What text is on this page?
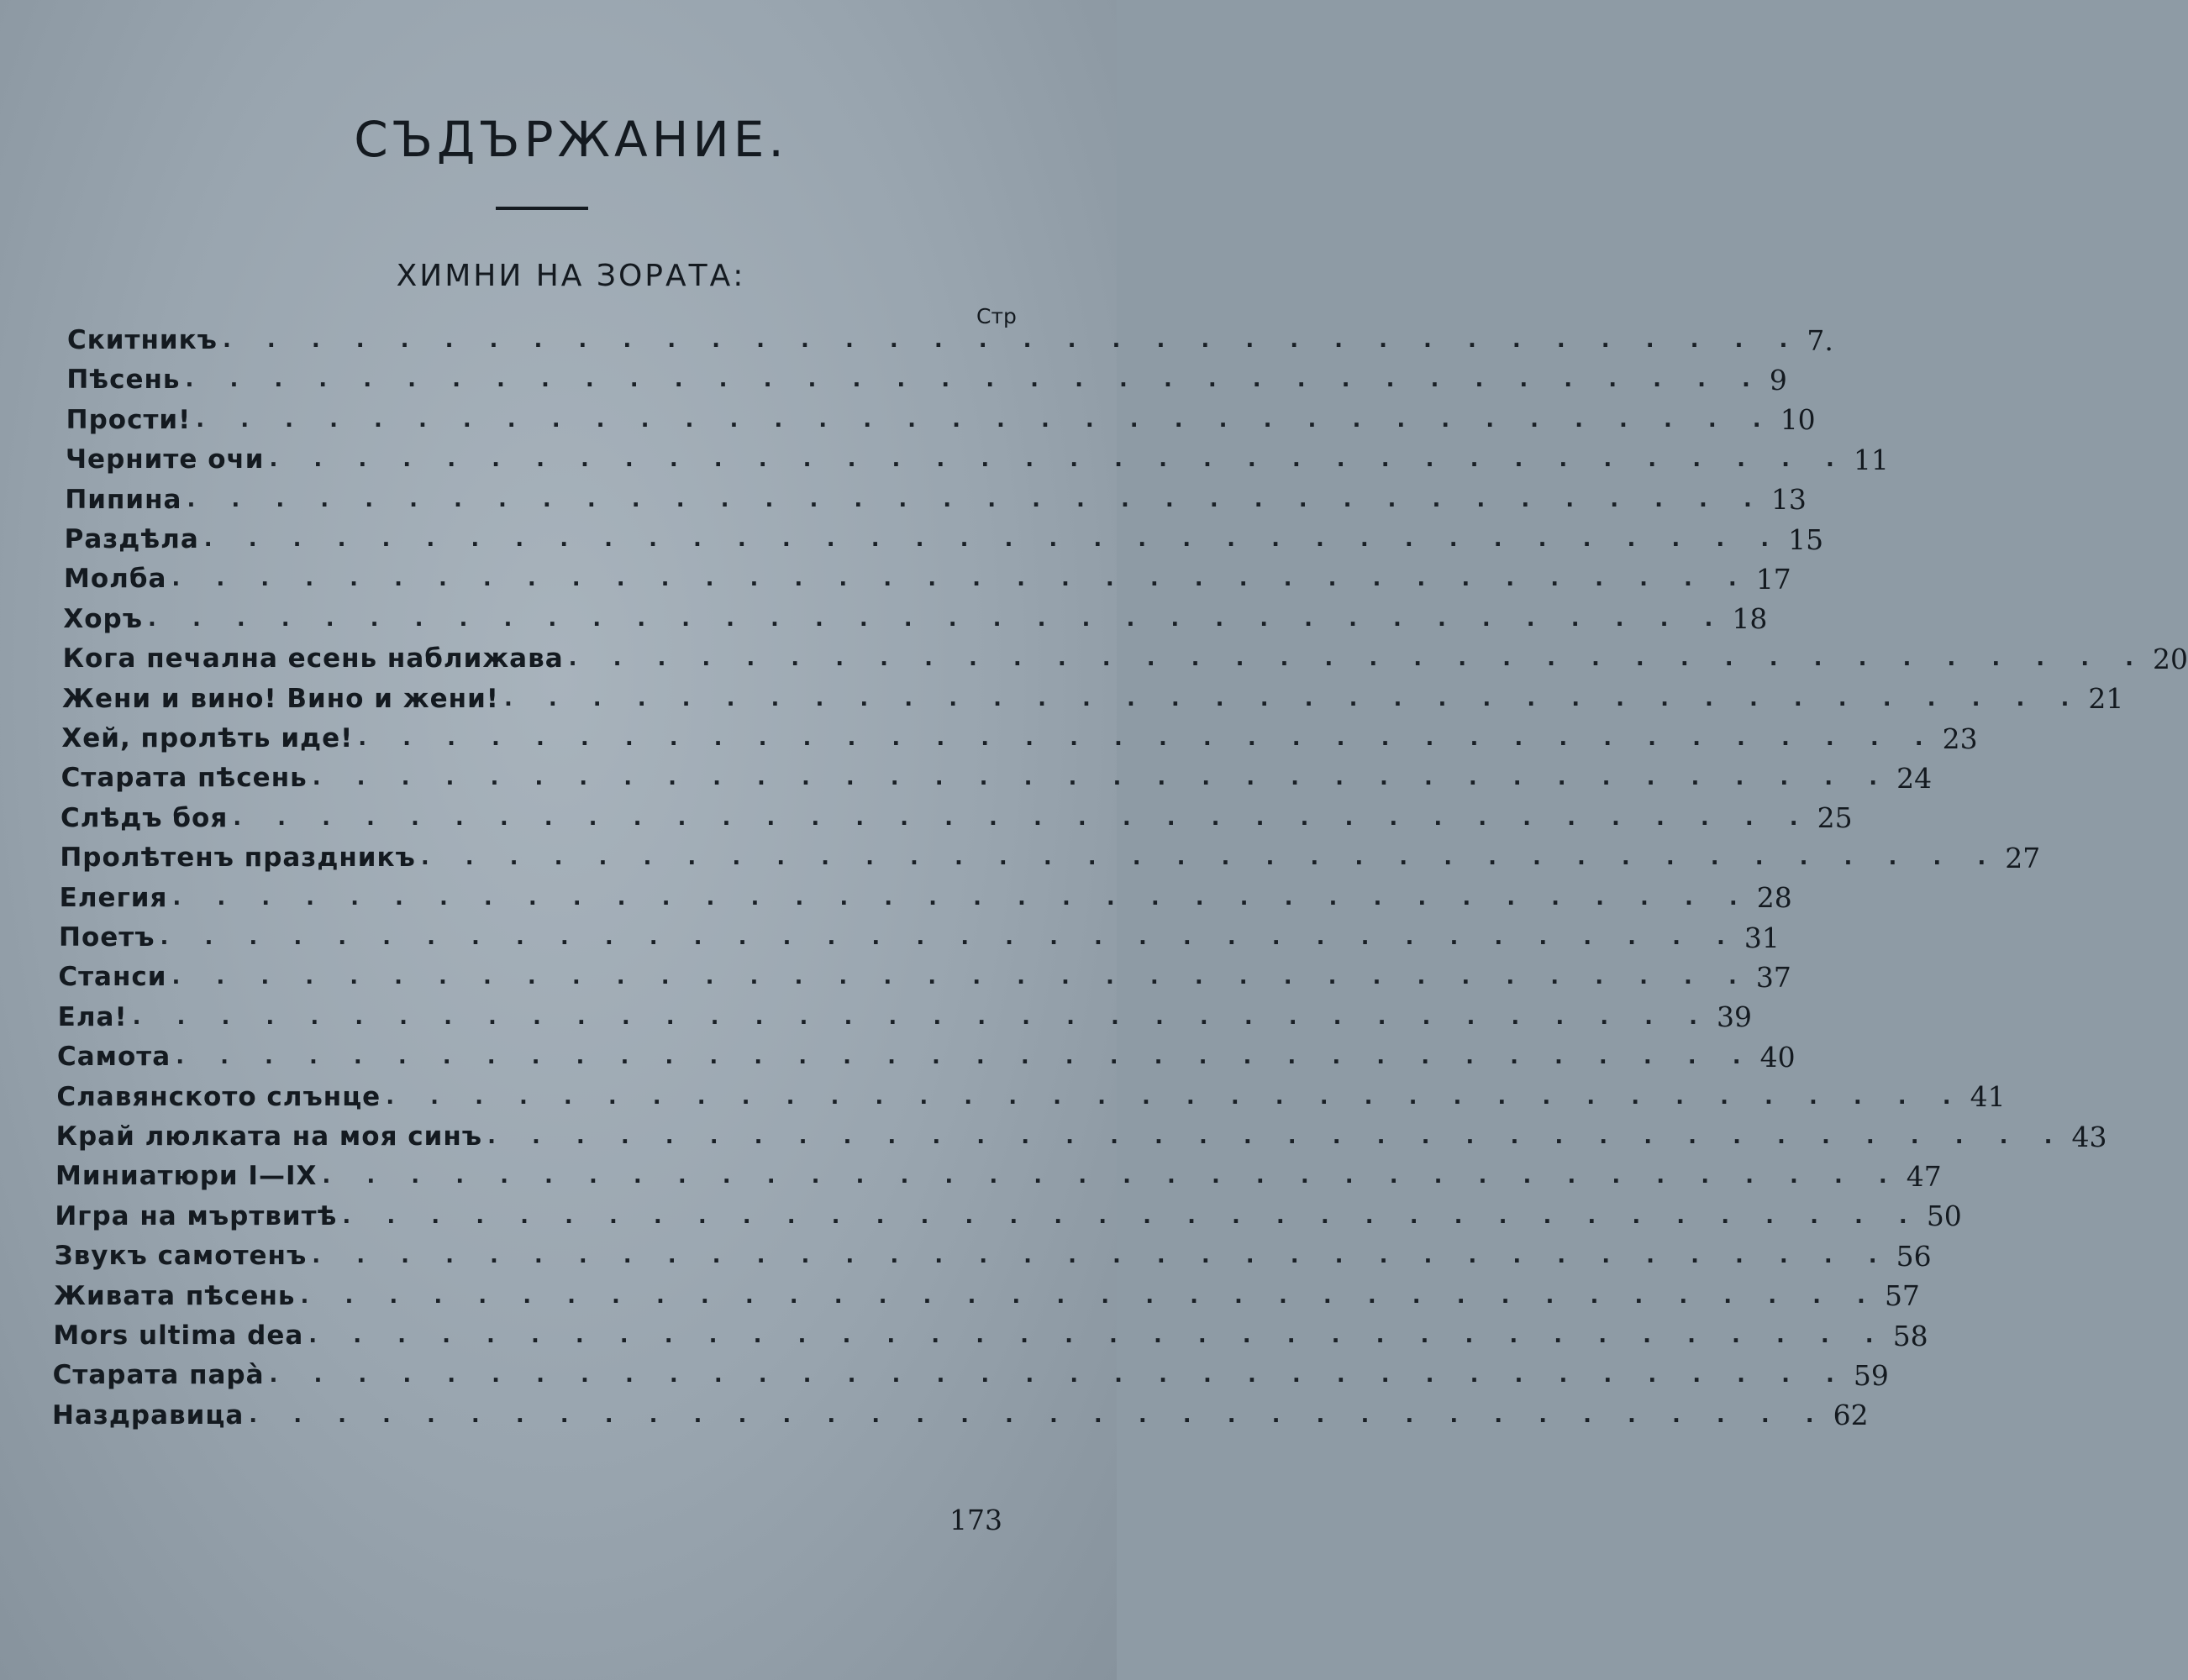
СЪДЪРЖАНИЕ.
ХИМНИ НА ЗОРАТА:
Стр
Скитникъ . . . . . . . . . . . . . . . . . . . . . . . . . . . . . . . . . . . . 7.
Пѣсень . . . . . . . . . . . . . . . . . . . . . . . . . . . . . . . . . . . . 9
Прости! . . . . . . . . . . . . . . . . . . . . . . . . . . . . . . . . . . . . 10
Черните очи . . . . . . . . . . . . . . . . . . . . . . . . . . . . . . . . . . . . 11
Пипина . . . . . . . . . . . . . . . . . . . . . . . . . . . . . . . . . . . . 13
Раздѣла . . . . . . . . . . . . . . . . . . . . . . . . . . . . . . . . . . . . 15
Молба . . . . . . . . . . . . . . . . . . . . . . . . . . . . . . . . . . . . 17
Хоръ . . . . . . . . . . . . . . . . . . . . . . . . . . . . . . . . . . . . 18
Кога печална есень наближава . . . . . . . . . . . . . . . . . . . . . . . . . . . . . . . . . . . . 20
Жени и вино! Вино и жени! . . . . . . . . . . . . . . . . . . . . . . . . . . . . . . . . . . . . 21
Хей, пролѣть иде! . . . . . . . . . . . . . . . . . . . . . . . . . . . . . . . . . . . . 23
Старата пѣсень . . . . . . . . . . . . . . . . . . . . . . . . . . . . . . . . . . . . 24
Слѣдъ боя . . . . . . . . . . . . . . . . . . . . . . . . . . . . . . . . . . . . 25
Пролѣтенъ праздникъ . . . . . . . . . . . . . . . . . . . . . . . . . . . . . . . . . . . . 27
Елегия . . . . . . . . . . . . . . . . . . . . . . . . . . . . . . . . . . . . 28
Поетъ . . . . . . . . . . . . . . . . . . . . . . . . . . . . . . . . . . . . 31
Станси . . . . . . . . . . . . . . . . . . . . . . . . . . . . . . . . . . . . 37
Ела! . . . . . . . . . . . . . . . . . . . . . . . . . . . . . . . . . . . . 39
Самота . . . . . . . . . . . . . . . . . . . . . . . . . . . . . . . . . . . . 40
Славянското слънце . . . . . . . . . . . . . . . . . . . . . . . . . . . . . . . . . . . . 41
Край люлката на моя синъ . . . . . . . . . . . . . . . . . . . . . . . . . . . . . . . . . . . . 43
Миниатюри I—IX . . . . . . . . . . . . . . . . . . . . . . . . . . . . . . . . . . . . 47
Игра на мъртвитѣ . . . . . . . . . . . . . . . . . . . . . . . . . . . . . . . . . . . . 50
Звукъ самотенъ . . . . . . . . . . . . . . . . . . . . . . . . . . . . . . . . . . . . 56
Живата пѣсень . . . . . . . . . . . . . . . . . . . . . . . . . . . . . . . . . . . . 57
Mors ultima dea . . . . . . . . . . . . . . . . . . . . . . . . . . . . . . . . . . . . 58
Старата парà . . . . . . . . . . . . . . . . . . . . . . . . . . . . . . . . . . . . 59
Наздравица . . . . . . . . . . . . . . . . . . . . . . . . . . . . . . . . . . . . 62
173
